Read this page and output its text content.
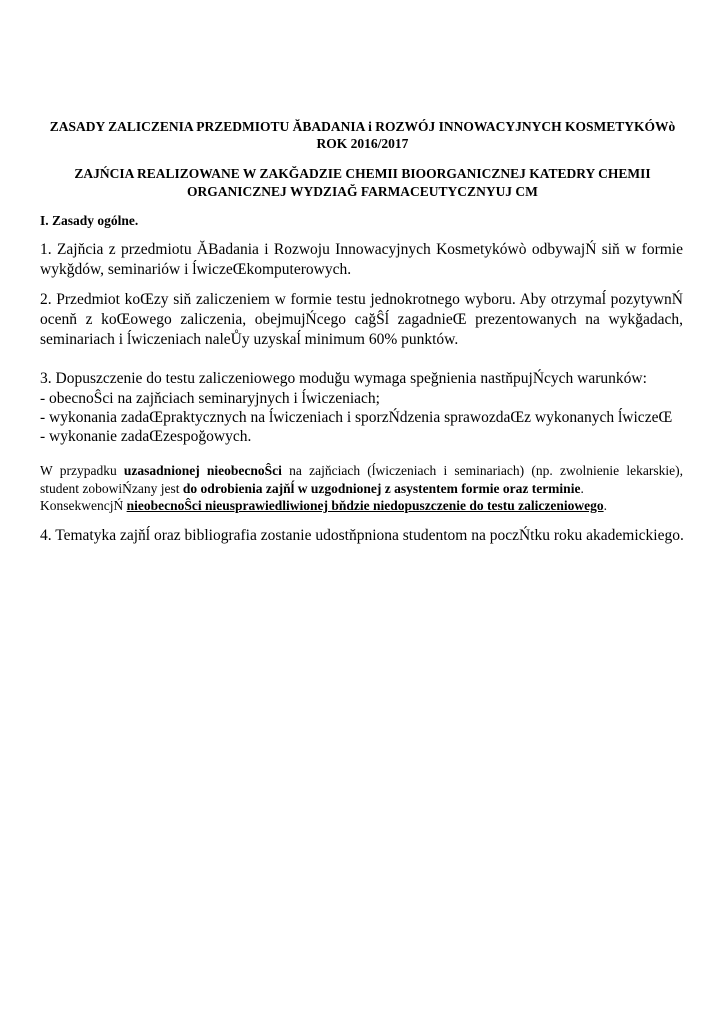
ZASADY ZALICZENIA PRZEDMIOTU ĂBADANIA i ROZWÓJ INNOWACYJNYCH KOSMETYKÓWò
ROK 2016/2017
ZAJŃCIA REALIZOWANE W ZAKĞADZIE CHEMII BIOORGANICZNEJ KATEDRY CHEMII
ORGANICZNEJ WYDZIAĞ FARMACEUTYCZNYUJ CM
I. Zasady ogólne.
1. Zajňcia z przedmiotu ĂBadania i Rozwoju Innowacyjnych Kosmetykówò odbywajŃ siň w formie
wykğdów, seminariów i ĺwiczeŒkomputerowych.
2. Przedmiot koŒzy siň zaliczeniem w formie testu jednokrotnego wyboru. Aby otrzymaĺ pozytywnŃ
ocenň z koŒowego zaliczenia, obejmujŃcego cağŜĺ zagadnieŒ prezentowanych na wykğadach,
seminariach i ĺwiczeniach naleŮy uzyskaĺ minimum 60% punktów.
3. Dopuszczenie do testu zaliczeniowego moduğu wymaga speğnienia nastňpujŃcych warunków:
- obecnoŜci na zajňciach seminaryjnych i ĺwiczeniach;
- wykonania zadaŒpraktycznych na ĺwiczeniach i sporzŃdzenia sprawozdaŒz wykonanych ĺwiczeŒ
- wykonanie zadaŒzespoğowych.
W przypadku uzasadnionej nieobecnoŜci na zajňciach (ĺwiczeniach i seminariach) (np. zwolnienie lekarskie),
student zobowiŃzany jest do odrobienia zajňĺ w uzgodnionej z asystentem formie oraz terminie.
KonsekwencjŃ nieobecnoŜci nieusprawiedliwionej bňdzie niedopuszczenie do testu zaliczeniowego.
4. Tematyka zajňĺ oraz bibliografia zostanie udostňpniona studentom na poczŃtku roku akademickiego.
